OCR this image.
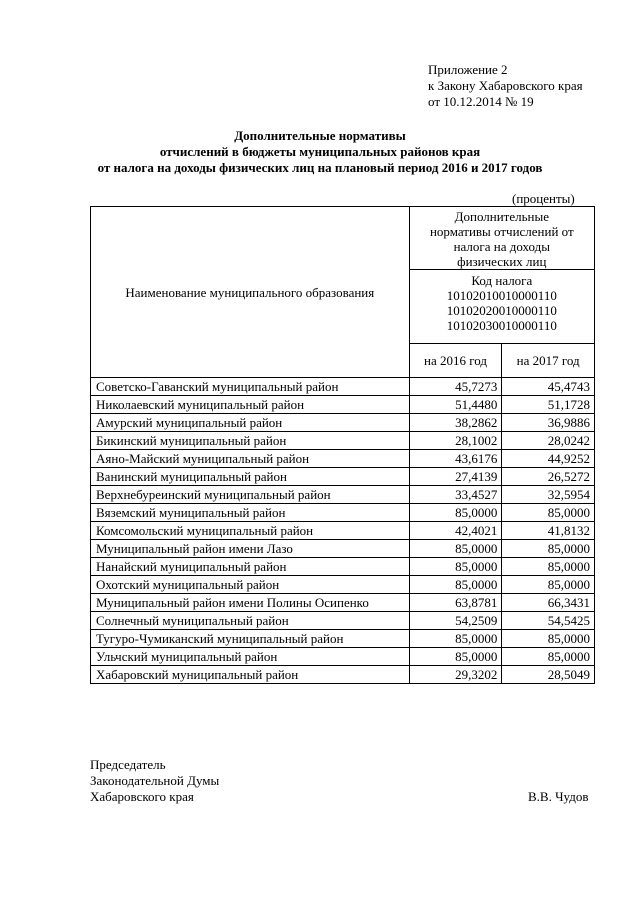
Приложение 2
к Закону Хабаровского края
от 10.12.2014 № 19
Дополнительные нормативы
отчислений в бюджеты муниципальных районов края
от налога на доходы физических лиц на плановый период 2016 и 2017 годов
(проценты)
Наименование муниципального образования	Дополнительные
нормативы отчислений от
налога на доходы
физических лиц	

	Код налога
10102010010000110
10102020010000110
10102030010000110	

	на 2016 год	на 2017 год
Советско-Гаванский муниципальный район	45,7273	45,4743
Николаевский муниципальный район	51,4480	51,1728
Амурский муниципальный район	38,2862	36,9886
Бикинский муниципальный район	28,1002	28,0242
Аяно-Майский муниципальный район	43,6176	44,9252
Ванинский муниципальный район	27,4139	26,5272
Верхнебуреинский муниципальный район	33,4527	32,5954
Вяземский муниципальный район	85,0000	85,0000
Комсомольский муниципальный район	42,4021	41,8132
Муниципальный район имени Лазо	85,0000	85,0000
Нанайский муниципальный район	85,0000	85,0000
Охотский муниципальный район	85,0000	85,0000
Муниципальный район имени Полины Осипенко	63,8781	66,3431
Солнечный муниципальный район	54,2509	54,5425
Тугуро-Чумиканский муниципальный район	85,0000	85,0000
Ульчский муниципальный район	85,0000	85,0000
Хабаровский муниципальный район	29,3202	28,5049
Председатель
Законодательной Думы
Хабаровского края	В.В. Чудов
